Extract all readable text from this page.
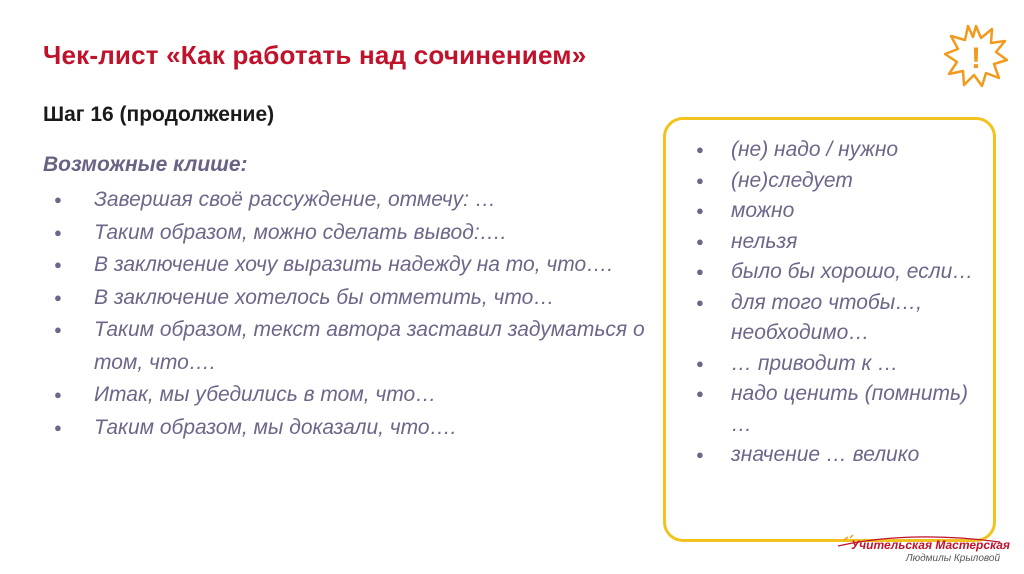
Чек-лист «Как работать над сочинением»	!
Шаг 16 (продолжение)
Возможные клише:
● Завершая своё рассуждение, отмечу: …
● Таким образом, можно сделать вывод:….
● В заключение хочу выразить надежду на то, что….
● В заключение хотелось бы отметить, что…
● Таким образом, текст автора заставил задуматься о том, что….
● Итак, мы убедились в том, что…
● Таким образом, мы доказали, что….
● (не) надо / нужно
● (не)следует
● можно
● нельзя
● было бы хорошо, если…
● для того чтобы…, необходимо…
● … приводит к …
● надо ценить (помнить) …
● значение … велико
Учительская Мастерская
Людмилы Крыловой
